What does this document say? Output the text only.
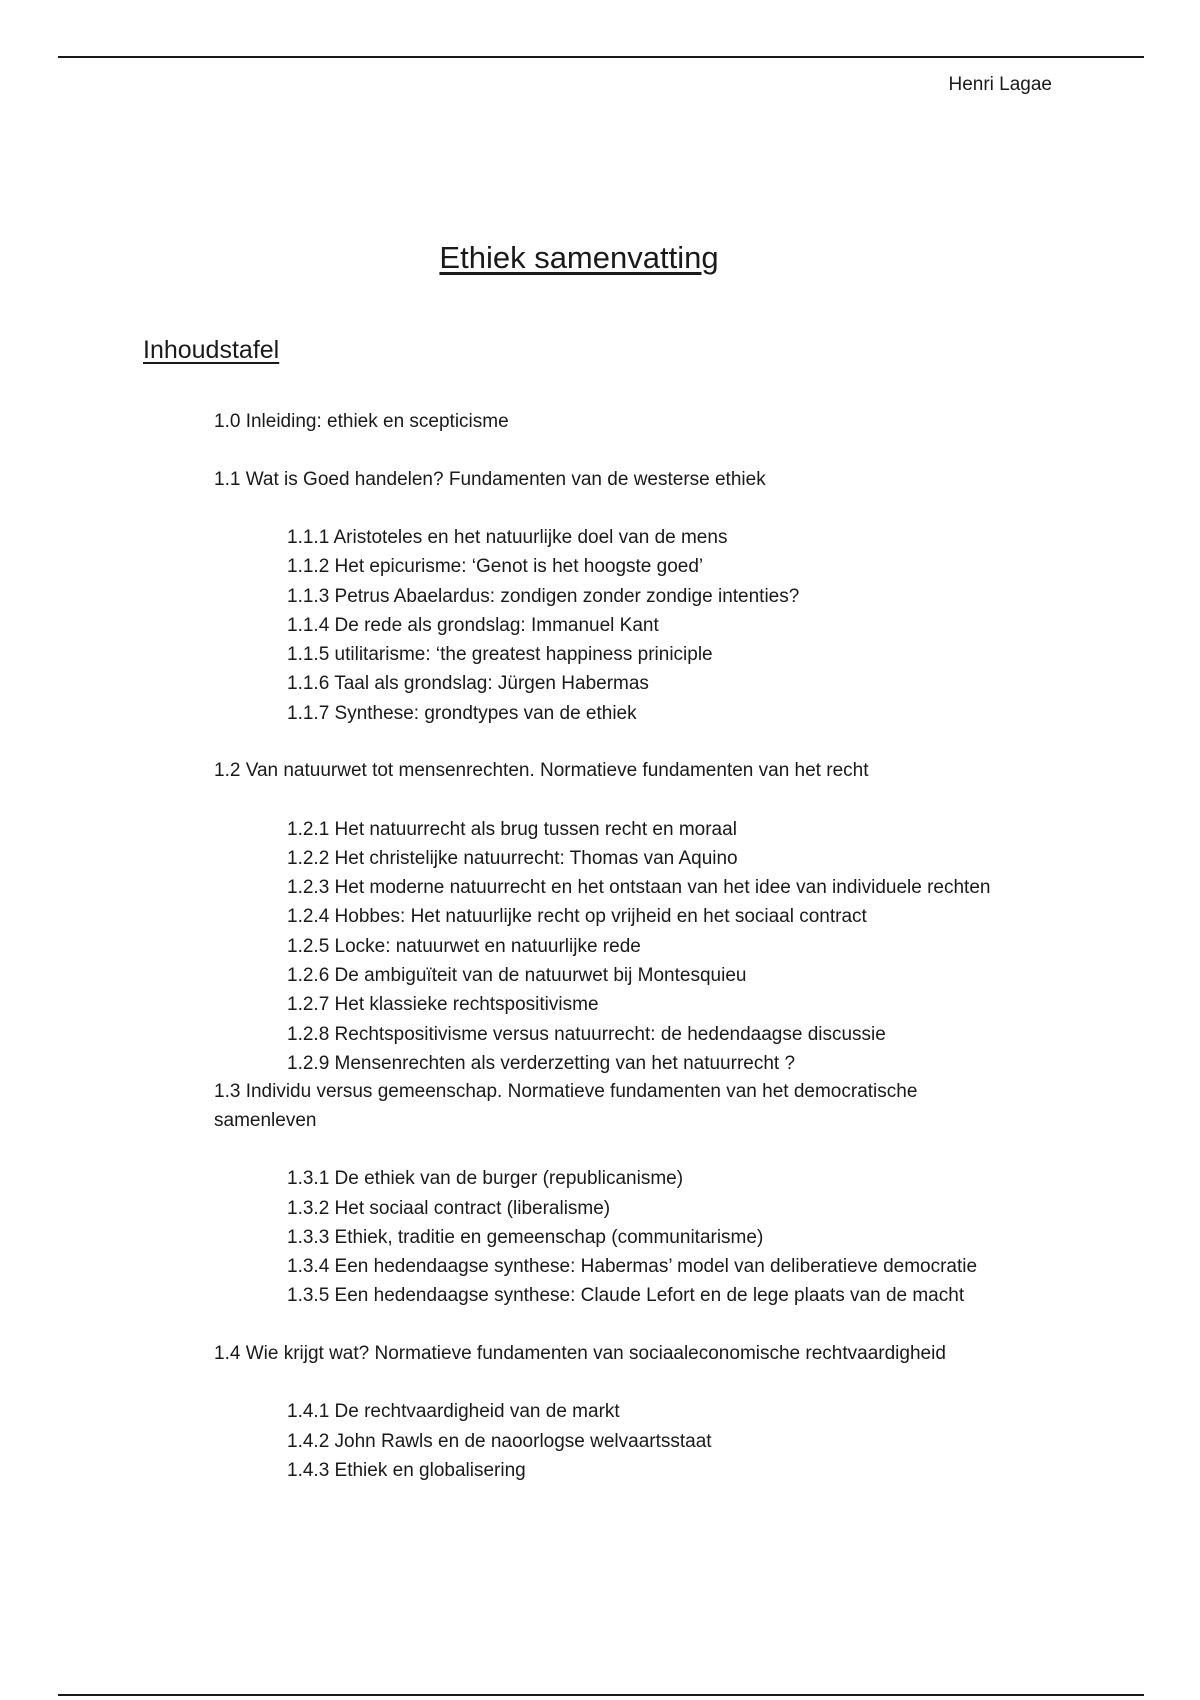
Henri Lagae
Ethiek samenvatting
Inhoudstafel
1.0 Inleiding: ethiek en scepticisme
1.1 Wat is Goed handelen? Fundamenten van de westerse ethiek
1.1.1 Aristoteles en het natuurlijke doel van de mens
1.1.2 Het epicurisme: ‘Genot is het hoogste goed’
1.1.3 Petrus Abaelardus: zondigen zonder zondige intenties?
1.1.4 De rede als grondslag: Immanuel Kant
1.1.5 utilitarisme: ‘the greatest happiness priniciple
1.1.6 Taal als grondslag: Jürgen Habermas
1.1.7 Synthese: grondtypes van de ethiek
1.2 Van natuurwet tot mensenrechten. Normatieve fundamenten van het recht
1.2.1 Het natuurrecht als brug tussen recht en moraal
1.2.2 Het christelijke natuurrecht: Thomas van Aquino
1.2.3 Het moderne natuurrecht en het ontstaan van het idee van individuele rechten
1.2.4 Hobbes: Het natuurlijke recht op vrijheid en het sociaal contract
1.2.5 Locke: natuurwet en natuurlijke rede
1.2.6 De ambiguïteit van de natuurwet bij Montesquieu
1.2.7 Het klassieke rechtspositivisme
1.2.8 Rechtspositivisme versus natuurrecht: de hedendaagse discussie
1.2.9 Mensenrechten als verderzetting van het natuurrecht ?
1.3 Individu versus gemeenschap. Normatieve fundamenten van het democratische samenleven
1.3.1 De ethiek van de burger (republicanisme)
1.3.2 Het sociaal contract (liberalisme)
1.3.3 Ethiek, traditie en gemeenschap (communitarisme)
1.3.4 Een hedendaagse synthese: Habermas’ model van deliberatieve democratie
1.3.5 Een hedendaagse synthese: Claude Lefort en de lege plaats van de macht
1.4 Wie krijgt wat? Normatieve fundamenten van sociaaleconomische rechtvaardigheid
1.4.1 De rechtvaardigheid van de markt
1.4.2 John Rawls en de naoorlogse welvaartsstaat
1.4.3 Ethiek en globalisering
